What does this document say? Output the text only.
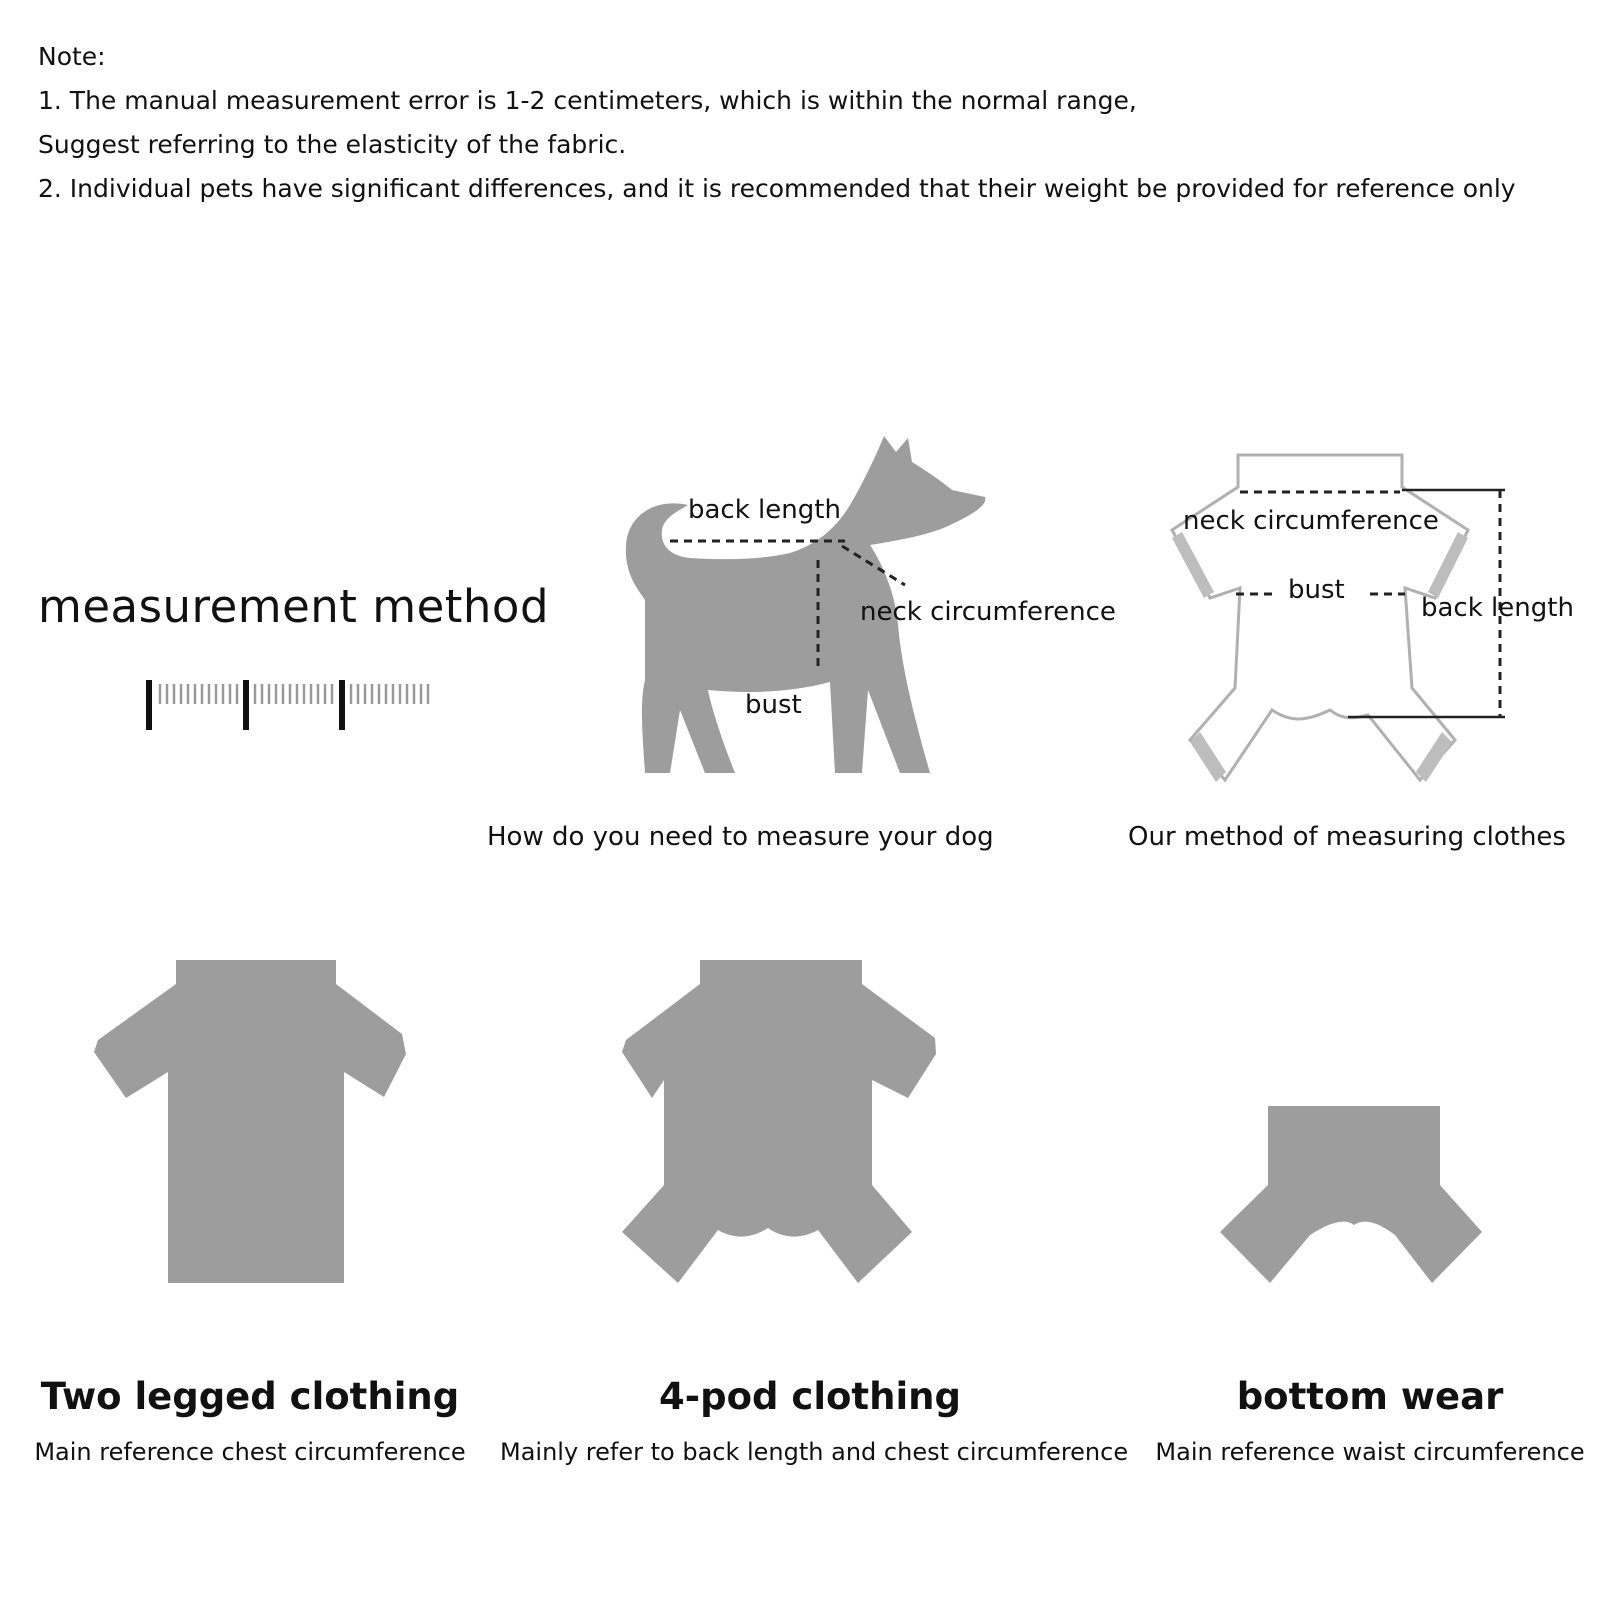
Note:
1. The manual measurement error is 1-2 centimeters, which is within the normal range,
Suggest referring to the elasticity of the fabric.
2. Individual pets have significant differences, and it is recommended that their weight be provided for reference only
measurement method
back length
neck circumference
bust
How do you need to measure your dog
neck circumference
bust
back length
Our method of measuring clothes
Two legged clothing
Main reference chest circumference
4-pod clothing
Mainly refer to back length and chest circumference
bottom wear
Main reference waist circumference
